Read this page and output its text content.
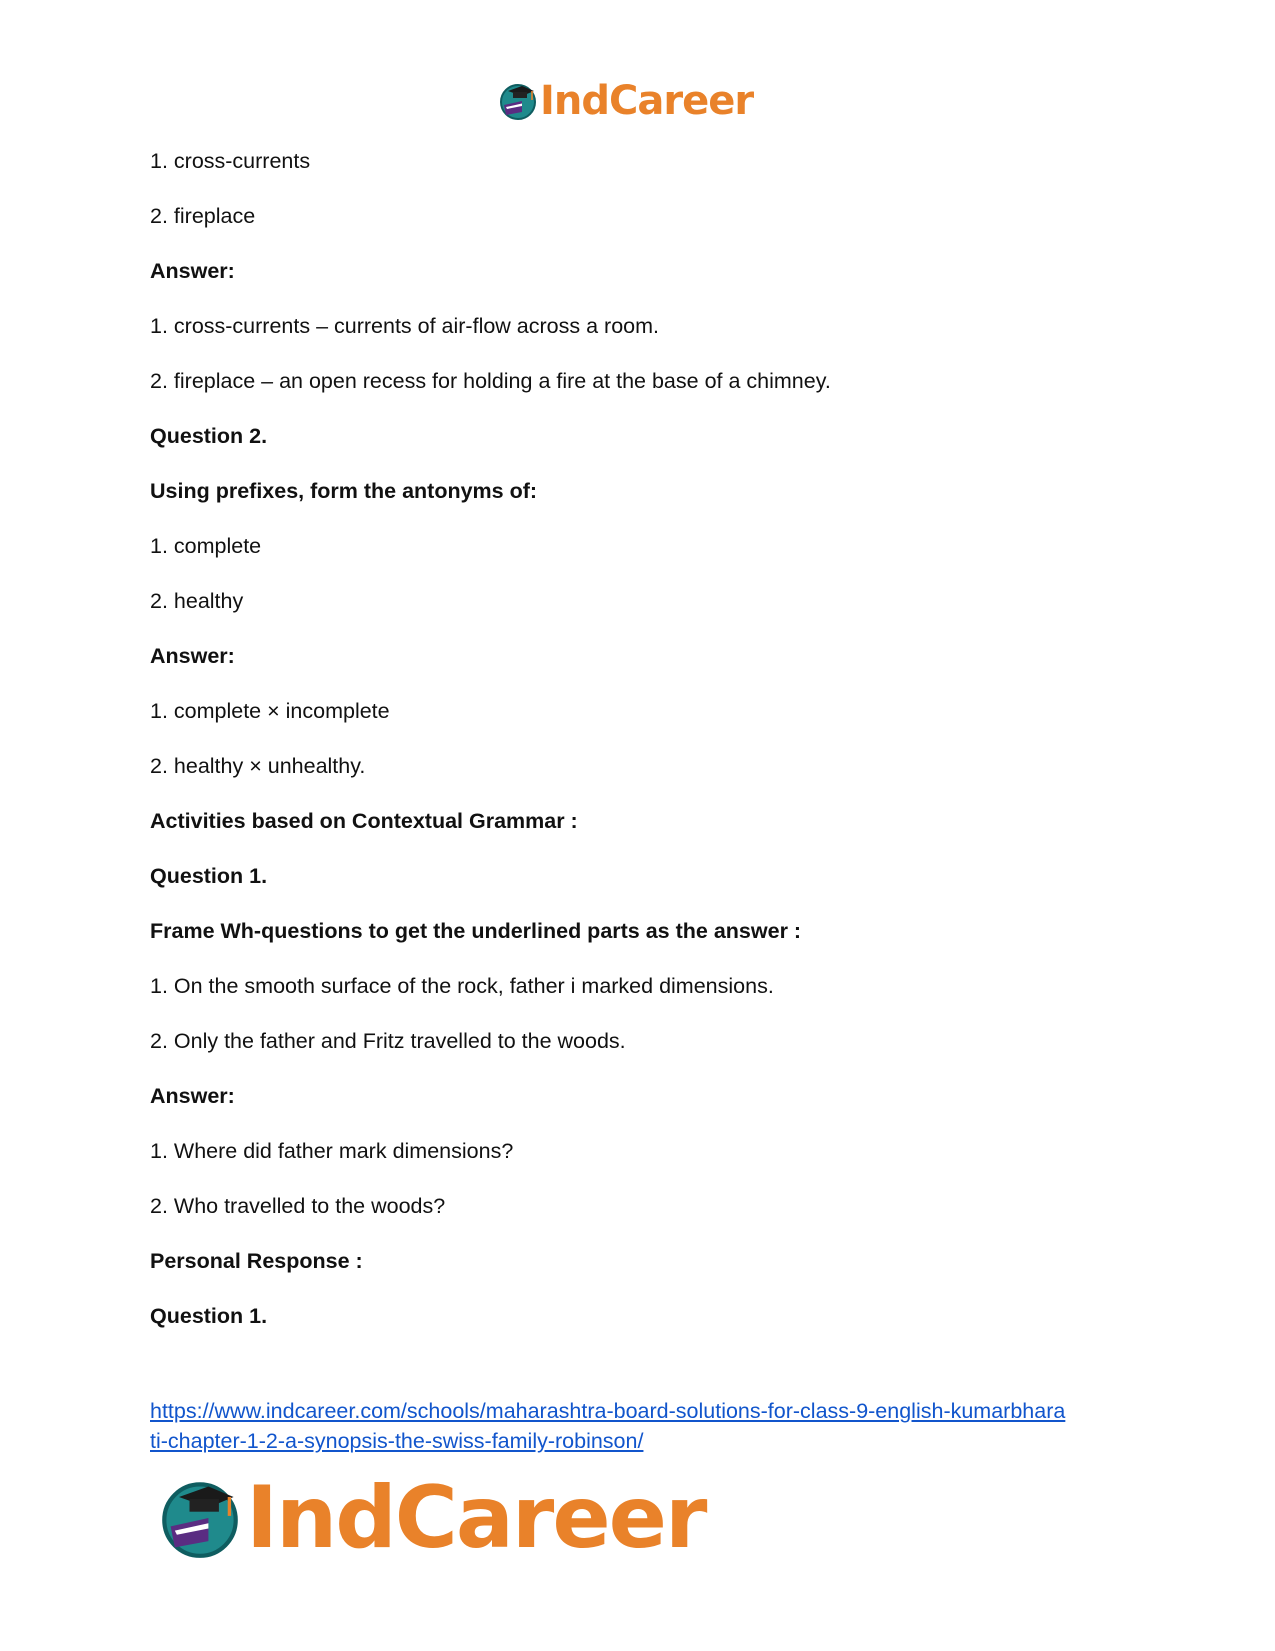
IndCareer
1. cross-currents
2. fireplace
Answer:
1. cross-currents – currents of air-flow across a room.
2. fireplace – an open recess for holding a fire at the base of a chimney.
Question 2.
Using prefixes, form the antonyms of:
1. complete
2. healthy
Answer:
1. complete × incomplete
2. healthy × unhealthy.
Activities based on Contextual Grammar :
Question 1.
Frame Wh-questions to get the underlined parts as the answer :
1. On the smooth surface of the rock, father i marked dimensions.
2. Only the father and Fritz travelled to the woods.
Answer:
1. Where did father mark dimensions?
2. Who travelled to the woods?
Personal Response :
Question 1.
https://www.indcareer.com/schools/maharashtra-board-solutions-for-class-9-english-kumarbhara
ti-chapter-1-2-a-synopsis-the-swiss-family-robinson/
IndCareer
